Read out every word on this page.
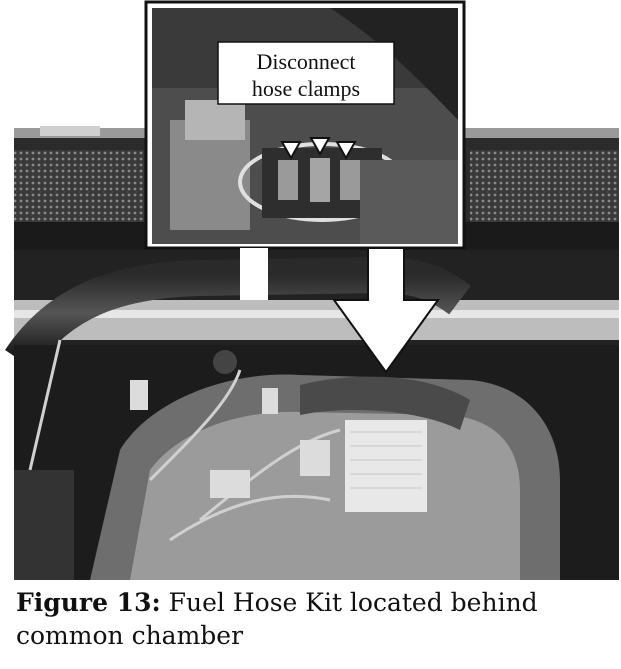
Disconnect
hose clamps

Figure 13: Fuel Hose Kit located behind common chamber
